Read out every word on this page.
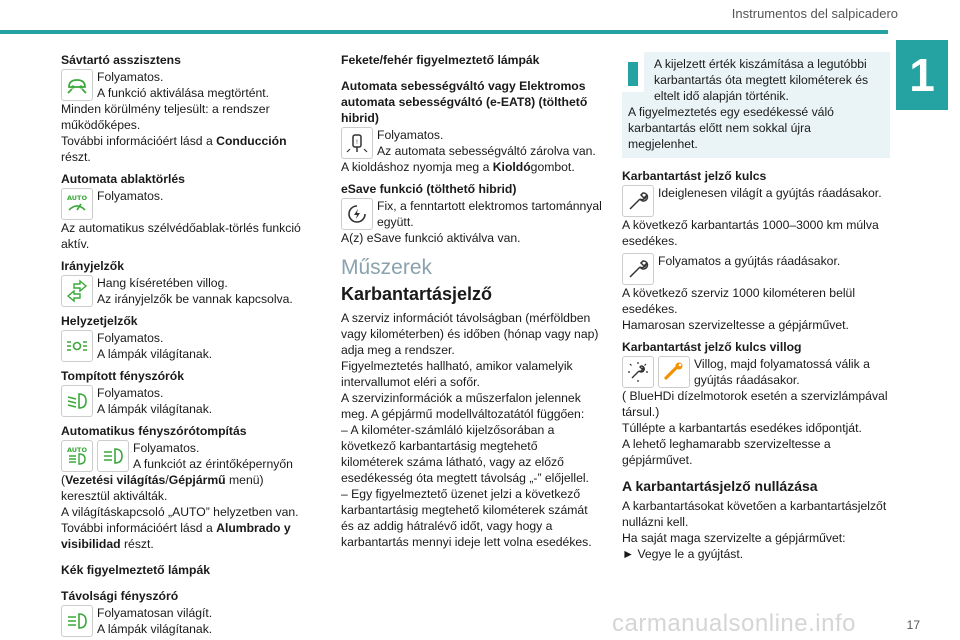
Instrumentos del salpicadero
1
Sávtartó asszisztens
Folyamatos.
A funkció aktiválása megtörtént.

Minden körülmény teljesült: a rendszer működőképes.

További információért lásd a Conducción részt.

Automata ablaktörlés
AUTO Folyamatos.

Az automatikus szélvédőablak-törlés funkció aktív.

Irányjelzők
Hang kíséretében villog.
Az irányjelzők be vannak kapcsolva.
Helyzetjelzők
Folyamatos.
A lámpák világítanak.
Tompított fényszórók
Folyamatos.
A lámpák világítanak.
Automatikus fényszórótompítás
AUTO	Folyamatos.
A funkciót az érintőképernyőn

(Vezetési világítás/Gépjármű menü) keresztül aktiválták.

A világításkapcsoló „AUTO” helyzetben van.

További információért lásd a Alumbrado y visibilidad részt.

Kék figyelmeztető lámpák
Távolsági fényszóró
Folyamatosan világít.
A lámpák világítanak.
Fekete/fehér figyelmeztető lámpák
Automata sebességváltó vagy Elektromos automata sebességváltó (e-EAT8) (tölthető hibrid)
!
Folyamatos.
Az automata sebességváltó zárolva van.

A kioldáshoz nyomja meg a Kioldógombot.

eSave funkció (tölthető hibrid)
Fix, a fenntartott elektromos tartománnyal együtt.

A(z) eSave funkció aktiválva van.

Műszerek
Karbantartásjelző

A szerviz információt távolságban (mérföldben vagy kilométerben) és időben (hónap vagy nap) adja meg a rendszer.

Figyelmeztetés hallható, amikor valamelyik intervallumot eléri a sofőr.

A szervizinformációk a műszerfalon jelennek meg. A gépjármű modellváltozatától függően:

– A kilométer-számláló kijelzősorában a következő karbantartásig megtehető kilométerek száma látható, vagy az előző esedékesség óta megtett távolság „-” előjellel.

– Egy figyelmeztető üzenet jelzi a következő karbantartásig megtehető kilométerek számát és az addig hátralévő időt, vagy hogy a karbantartás mennyi ideje lett volna esedékes.

A kijelzett érték kiszámítása a legutóbbi karbantartás óta megtett kilométerek és eltelt idő alapján történik.

A figyelmeztetés egy esedékessé váló karbantartás előtt nem sokkal újra megjelenhet.

Karbantartást jelző kulcs
Ideiglenesen világít a gyújtás ráadásakor.

A következő karbantartás 1000–3000 km múlva esedékes.

Folyamatos a gyújtás ráadásakor.

A következő szerviz 1000 kilométeren belül esedékes.

Hamarosan szervizeltesse a gépjárművet.

Karbantartást jelző kulcs villog
Villog, majd folyamatossá válik a gyújtás ráadásakor.

( BlueHDi dízelmotorok esetén a szervizlámpával társul.)

Túllépte a karbantartás esedékes időpontját.

A lehető leghamarabb szervizeltesse a gépjárművet.

A karbantartásjelző nullázása

A karbantartásokat követően a karbantartásjelzőt nullázni kell.

Ha saját maga szervizelte a gépjárművet:

► Vegye le a gyújtást.

carmanualsonline.info	17
